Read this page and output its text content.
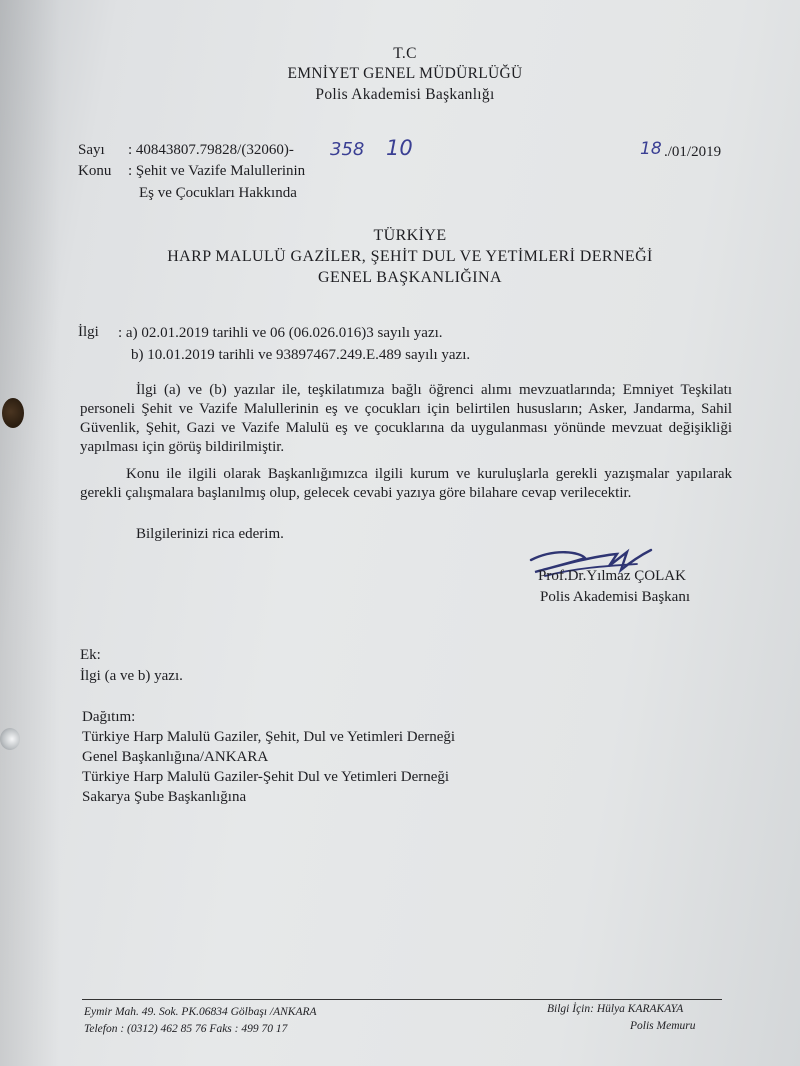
T.C
EMNİYET GENEL MÜDÜRLÜĞÜ
Polis Akademisi Başkanlığı
Sayı : 40843807.79828/(32060)- 358 10	18 ./01/2019
Konu : Şehit ve Vazife Malullerinin
Eş ve Çocukları Hakkında
TÜRKİYE
HARP MALULÜ GAZİLER, ŞEHİT DUL VE YETİMLERİ DERNEĞİ
GENEL BAŞKANLIĞINA
İlgi : a) 02.01.2019 tarihli ve 06 (06.026.016)3 sayılı yazı.
b) 10.01.2019 tarihli ve 93897467.249.E.489 sayılı yazı.
İlgi (a) ve (b) yazılar ile, teşkilatımıza bağlı öğrenci alımı mevzuatlarında; Emniyet Teşkilatı personeli Şehit ve Vazife Malullerinin eş ve çocukları için belirtilen hususların; Asker, Jandarma, Sahil Güvenlik, Şehit, Gazi ve Vazife Malulü eş ve çocuklarına da uygulanması yönünde mevzuat değişikliği yapılması için görüş bildirilmiştir.
Konu ile ilgili olarak Başkanlığımızca ilgili kurum ve kuruluşlarla gerekli yazışmalar yapılarak gerekli çalışmalara başlanılmış olup, gelecek cevabi yazıya göre bilahare cevap verilecektir.
Bilgilerinizi rica ederim.
Prof.Dr.Yılmaz ÇOLAK
Polis Akademisi Başkanı
Ek:
İlgi (a ve b) yazı.
Dağıtım:
Türkiye Harp Malulü Gaziler, Şehit, Dul ve Yetimleri Derneği
Genel Başkanlığına/ANKARA
Türkiye Harp Malulü Gaziler-Şehit Dul ve Yetimleri Derneği
Sakarya Şube Başkanlığına
Eymir Mah. 49. Sok. PK.06834 Gölbaşı /ANKARA
Telefon : (0312) 462 85 76 Faks : 499 70 17
Bilgi İçin: Hülya KARAKAYA
Polis Memuru
